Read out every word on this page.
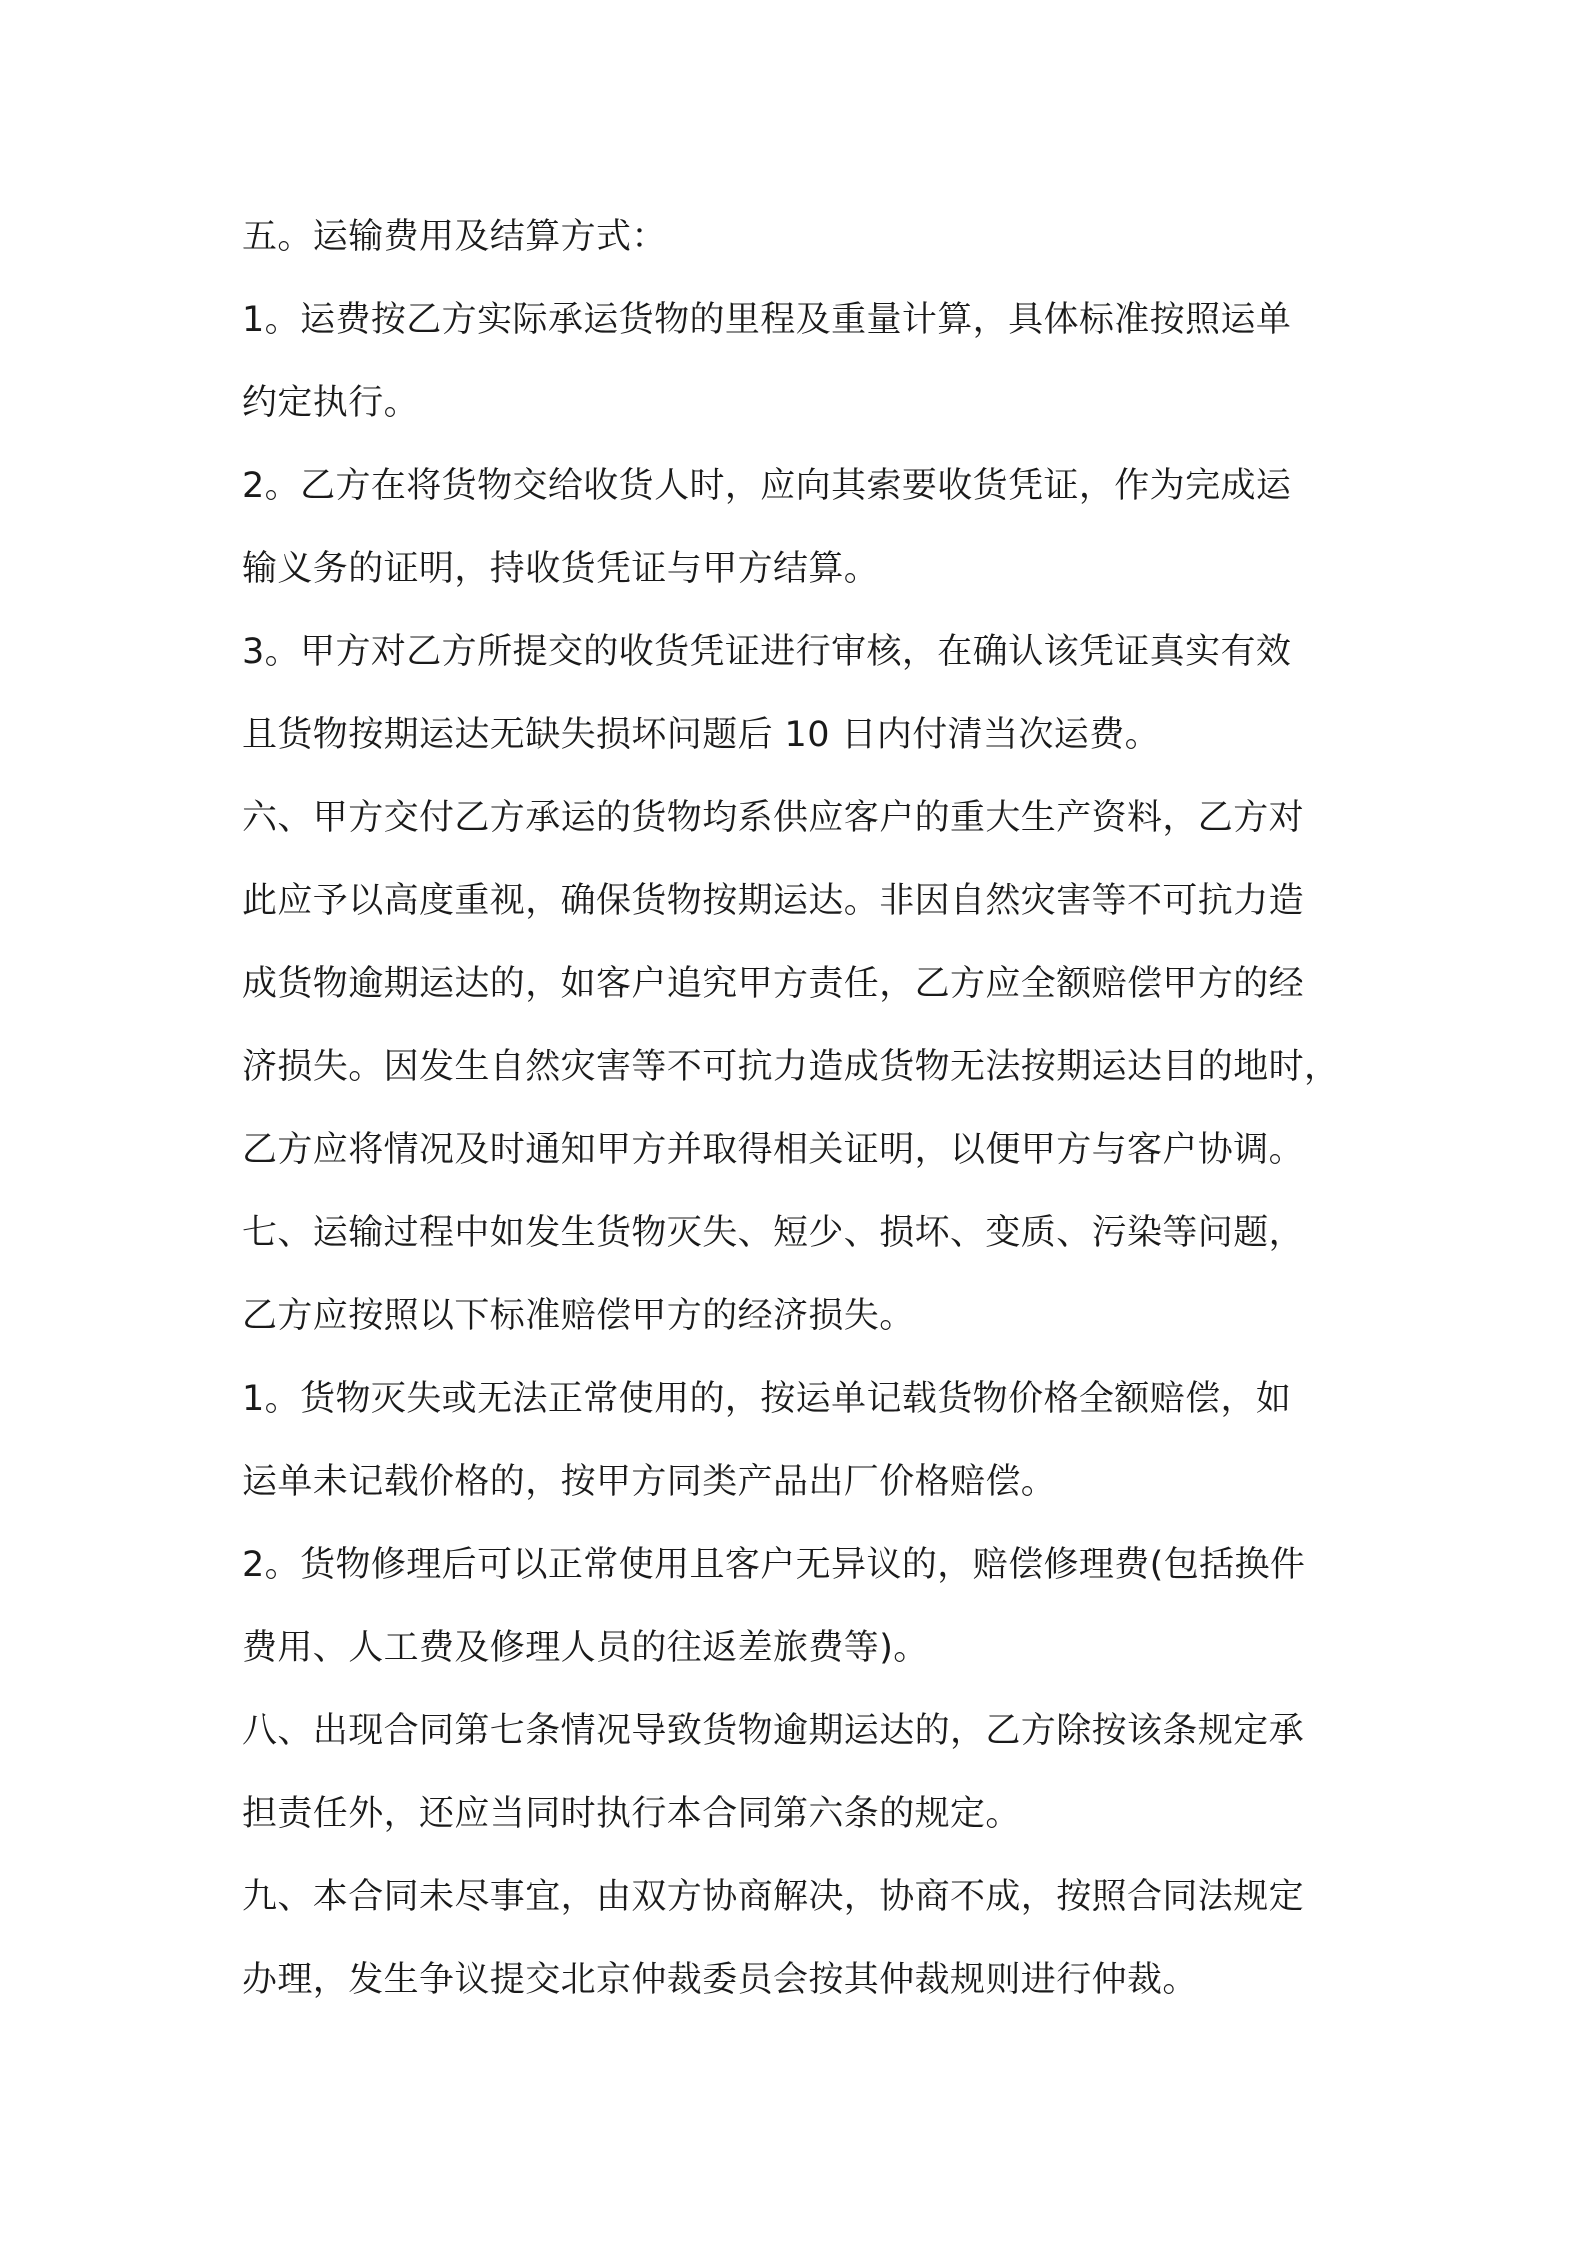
五。运输费用及结算方式：
1。运费按乙方实际承运货物的里程及重量计算，具体标准按照运单
约定执行。
2。乙方在将货物交给收货人时，应向其索要收货凭证，作为完成运
输义务的证明，持收货凭证与甲方结算。
3。甲方对乙方所提交的收货凭证进行审核，在确认该凭证真实有效
且货物按期运达无缺失损坏问题后 10 日内付清当次运费。
六、甲方交付乙方承运的货物均系供应客户的重大生产资料，乙方对
此应予以高度重视，确保货物按期运达。非因自然灾害等不可抗力造
成货物逾期运达的，如客户追究甲方责任，乙方应全额赔偿甲方的经
济损失。因发生自然灾害等不可抗力造成货物无法按期运达目的地时，
乙方应将情况及时通知甲方并取得相关证明，以便甲方与客户协调。
七、运输过程中如发生货物灭失、短少、损坏、变质、污染等问题，
乙方应按照以下标准赔偿甲方的经济损失。
1。货物灭失或无法正常使用的，按运单记载货物价格全额赔偿，如
运单未记载价格的，按甲方同类产品出厂价格赔偿。
2。货物修理后可以正常使用且客户无异议的，赔偿修理费(包括换件
费用、人工费及修理人员的往返差旅费等)。
八、出现合同第七条情况导致货物逾期运达的，乙方除按该条规定承
担责任外，还应当同时执行本合同第六条的规定。
九、本合同未尽事宜，由双方协商解决，协商不成，按照合同法规定
办理，发生争议提交北京仲裁委员会按其仲裁规则进行仲裁。
